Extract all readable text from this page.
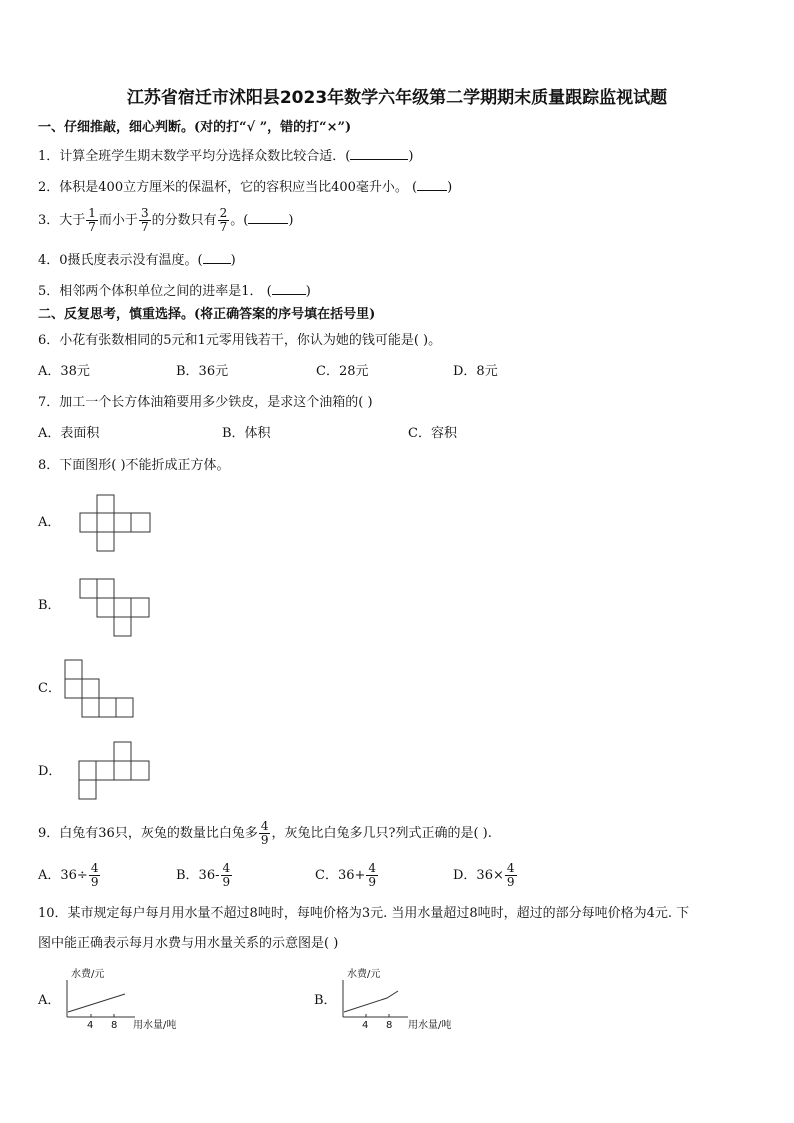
江苏省宿迁市沭阳县2023年数学六年级第二学期期末质量跟踪监视试题
一、仔细推敲，细心判断。(对的打“√ ”，错的打“×”)
1．计算全班学生期末数学平均分选择众数比较合适．(	)
2．体积是400立方厘米的保温杯，它的容积应当比400毫升小。 ( )
3．大于 $\frac{1}{7}$ 而小于 $\frac{3}{7}$ 的分数只有 $\frac{2}{7}$ 。(	)
4．0摄氏度表示没有温度。( )
5．相邻两个体积单位之间的进率是1． (	)
二、反复思考，慎重选择。(将正确答案的序号填在括号里)
6．小花有张数相同的5元和1元零用钱若干，你认为她的钱可能是( )。
A．38元	B．36元	C．28元	D．8元
7．加工一个长方体油箱要用多少铁皮，是求这个油箱的( )
A．表面积	B．体积	C．容积
8．下面图形( )不能折成正方体。
A．
B．
C．
D．
9．白兔有36只，灰兔的数量比白兔多 $\frac{4}{9}$ ，灰兔比白兔多几只?列式正确的是( ).
A．$36\div \frac{4}{9}$	B．$36- \frac{4}{9}$	C．$36+ \frac{4}{9}$	D．$36\times \frac{4}{9}$
10．某市规定每户每月用水量不超过8吨时，每吨价格为3元. 当用水量超过8吨时，超过的部分每吨价格为4元. 下
图中能正确表示每月水费与用水量关系的示意图是( )
A．	B．
水费/元
4 8 用水量/吨
水费/元
4 8 用水量/吨
